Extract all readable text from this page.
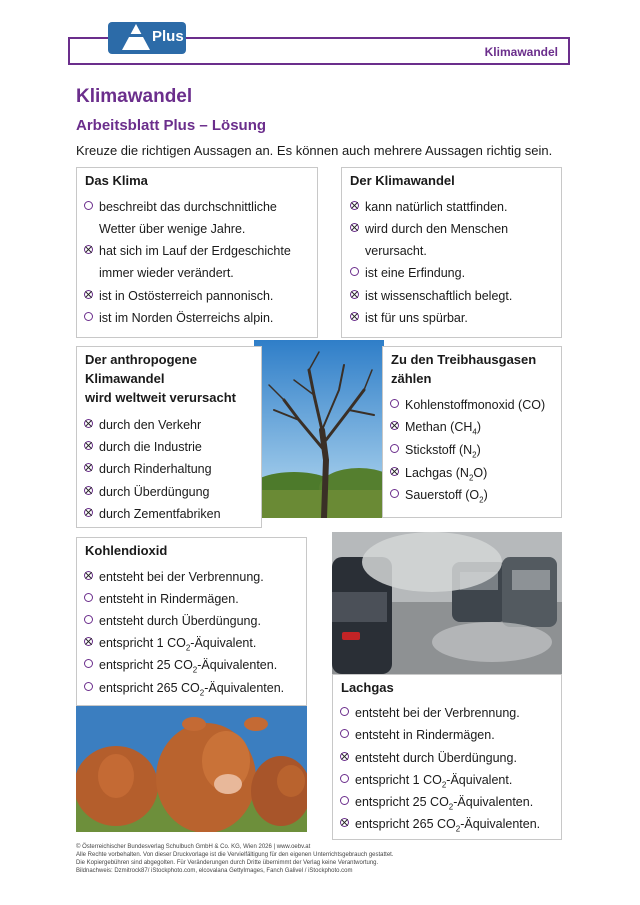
Klimawandel
Plus
Klimawandel
Arbeitsblatt Plus – Lösung
Kreuze die richtigen Aussagen an. Es können auch mehrere Aussagen richtig sein.
Das Klima
beschreibt das durchschnittliche
Wetter über wenige Jahre.
hat sich im Lauf der Erdgeschichte
immer wieder verändert.
ist in Ostösterreich pannonisch.
ist im Norden Österreichs alpin.
Der Klimawandel
kann natürlich stattfinden.
wird durch den Menschen
verursacht.
ist eine Erfindung.
ist wissenschaftlich belegt.
ist für uns spürbar.
Der anthropogene
Klimawandel
wird weltweit verursacht
durch den Verkehr
durch die Industrie
durch Rinderhaltung
durch Überdüngung
durch Zementfabriken
Zu den Treibhausgasen
zählen
Kohlenstoffmonoxid (CO)
Methan $(CH_4)$
Stickstoff $(N_2)$
Lachgas $(N_2O)$
Sauerstoff $(O_2)$
Kohlendioxid
entsteht bei der Verbrennung.
entsteht in Rindermägen.
entsteht durch Überdüngung.
entspricht 1 $CO_2$-Äquivalent.
entspricht 25 $CO_2$-Äquivalenten.
entspricht 265 $CO_2$-Äquivalenten.	Lachgas
entsteht bei der Verbrennung.
entsteht in Rindermägen.
entsteht durch Überdüngung.
entspricht 1 $CO_2$-Äquivalent.
entspricht 25 $CO_2$-Äquivalenten.
entspricht 265 $CO_2$-Äquivalenten.
© Österreichischer Bundesverlag Schulbuch GmbH & Co. KG, Wien 2026 | www.oebv.at
Alle Rechte vorbehalten. Von dieser Druckvorlage ist die Vervielfältigung für den eigenen Unterrichtsgebrauch gestattet.
Die Kopiergebühren sind abgegolten. Für Veränderungen durch Dritte übernimmt der Verlag keine Verantwortung.
Bildnachweis: Dzmitrock87/ iStockphoto.com, elcovalana GettyImages, Fanch Galivel / iStockphoto.com
